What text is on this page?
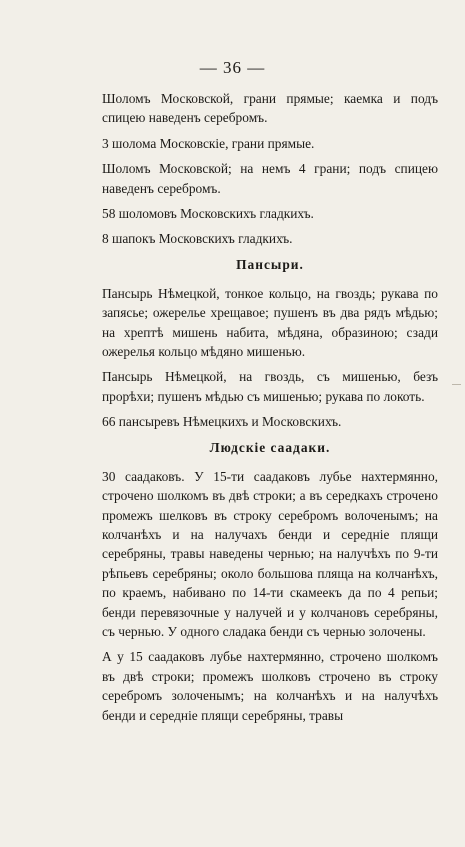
— 36 —

Шоломъ Московской, грани прямые; каемка и подъ спицею наведенъ серебромъ.

3 шолома Московскіе, грани прямые.

Шоломъ Московской; на немъ 4 грани; подъ спицею наведенъ серебромъ.

58 шоломовъ Московскихъ гладкихъ.

8 шапокъ Московскихъ гладкихъ.

Пансыри.

Пансырь Нѣмецкой, тонкое кольцо, на гвоздь; рукава по запясье; ожерелье хрещавое; пушенъ въ два рядъ мѣдью; на хрептѣ мишень набита, мѣдяна, образиною; сзади ожерелья кольцо мѣдяно мишенью.

Пансырь Нѣмецкой, на гвоздь, съ мишенью, безъ прорѣхи; пушенъ мѣдью съ мишенью; рукава по локоть.

66 пансыревъ Нѣмецкихъ и Московскихъ.

Людскіе саадаки.

30 саадаковъ. У 15-ти саадаковъ лубье нахтермянно, строчено шолкомъ въ двѣ строки; а въ середкахъ строчено промежъ шелковъ въ строку серебромъ волоченымъ; на колчанѣхъ и на налучахъ бенди и середніе плящи серебряны, травы наведены чернью; на налучѣхъ по 9-ти рѣпьевъ серебряны; около большова пляща на колчанѣхъ, по краемъ, набивано по 14-ти скамеекъ да по 4 репьи; бенди перевязочные у налучей и у колчановъ серебряны, съ чернью. У одного сладака бенди съ чернью золочены.

А у 15 саадаковъ лубье нахтермянно, строчено шолкомъ въ двѣ строки; промежъ шолковъ строчено въ строку серебромъ золоченымъ; на колчанѣхъ и на налучѣхъ бенди и середніе плящи серебряны, травы
